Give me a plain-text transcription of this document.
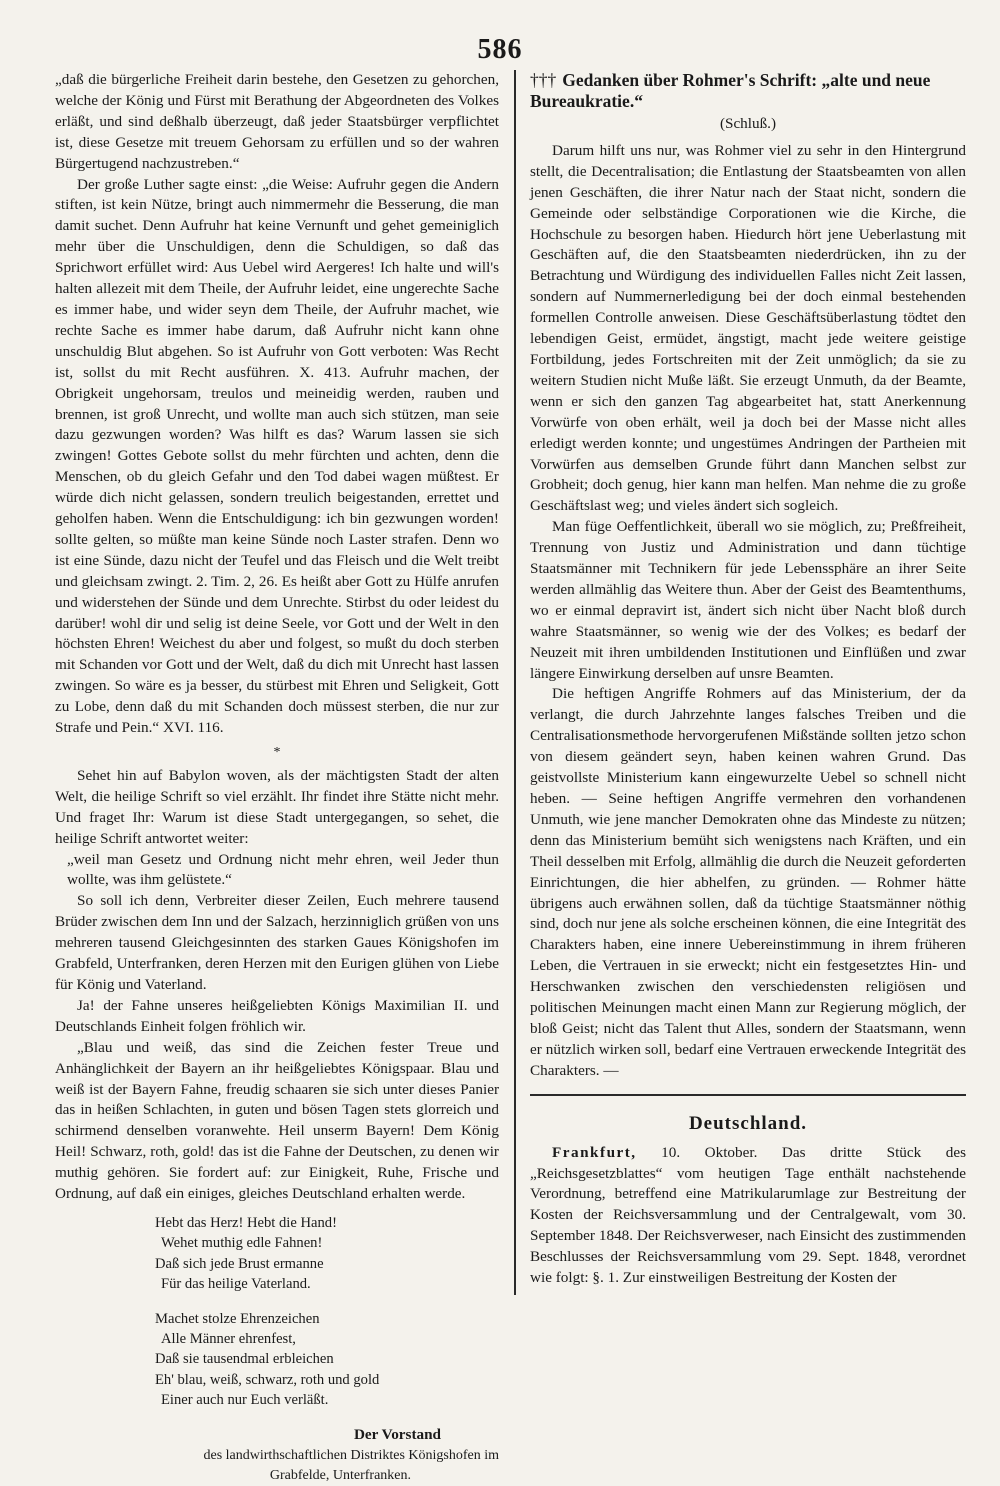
586

„daß die bürgerliche Freiheit darin bestehe, den Gesetzen zu gehorchen, welche der König und Fürst mit Berathung der Abgeordneten des Volkes erläßt, und sind deßhalb überzeugt, daß jeder Staatsbürger verpflichtet ist, diese Gesetze mit treuem Gehorsam zu erfüllen und so der wahren Bürgertugend nachzustreben.“

Der große Luther sagte einst: „die Weise: Aufruhr gegen die Andern stiften, ist kein Nütze, bringt auch nimmermehr die Besserung, die man damit suchet. Denn Aufruhr hat keine Vernunft und gehet gemeiniglich mehr über die Unschuldigen, denn die Schuldigen, so daß das Sprichwort erfüllet wird: Aus Uebel wird Aergeres! Ich halte und will's halten allezeit mit dem Theile, der Aufruhr leidet, eine ungerechte Sache es immer habe, und wider seyn dem Theile, der Aufruhr machet, wie rechte Sache es immer habe darum, daß Aufruhr nicht kann ohne unschuldig Blut abgehen. So ist Aufruhr von Gott verboten: Was Recht ist, sollst du mit Recht ausführen. X. 413. Aufruhr machen, der Obrigkeit ungehorsam, treulos und meineidig werden, rauben und brennen, ist groß Unrecht, und wollte man auch sich stützen, man seie dazu gezwungen worden? Was hilft es das? Warum lassen sie sich zwingen! Gottes Gebote sollst du mehr fürchten und achten, denn die Menschen, ob du gleich Gefahr und den Tod dabei wagen müßtest. Er würde dich nicht gelassen, sondern treulich beigestanden, errettet und geholfen haben. Wenn die Entschuldigung: ich bin gezwungen worden! sollte gelten, so müßte man keine Sünde noch Laster strafen. Denn wo ist eine Sünde, dazu nicht der Teufel und das Fleisch und die Welt treibt und gleichsam zwingt. 2. Tim. 2, 26. Es heißt aber Gott zu Hülfe anrufen und widerstehen der Sünde und dem Unrechte. Stirbst du oder leidest du darüber! wohl dir und selig ist deine Seele, vor Gott und der Welt in den höchsten Ehren! Weichest du aber und folgest, so mußt du doch sterben mit Schanden vor Gott und der Welt, daß du dich mit Unrecht hast lassen zwingen. So wäre es ja besser, du stürbest mit Ehren und Seligkeit, Gott zu Lobe, denn daß du mit Schanden doch müssest sterben, die nur zur Strafe und Pein.“ XVI. 116.

*

Sehet hin auf Babylon woven, als der mächtigsten Stadt der alten Welt, die heilige Schrift so viel erzählt. Ihr findet ihre Stätte nicht mehr. Und fraget Ihr: Warum ist diese Stadt untergegangen, so sehet, die heilige Schrift antwortet weiter:

„weil man Gesetz und Ordnung nicht mehr ehren, weil Jeder thun wollte, was ihm gelüstete.“

So soll ich denn, Verbreiter dieser Zeilen, Euch mehrere tausend Brüder zwischen dem Inn und der Salzach, herzinniglich grüßen von uns mehreren tausend Gleichgesinnten des starken Gaues Königshofen im Grabfeld, Unterfranken, deren Herzen mit den Eurigen glühen von Liebe für König und Vaterland.

Ja! der Fahne unseres heißgeliebten Königs Maximilian II. und Deutschlands Einheit folgen fröhlich wir.

„Blau und weiß, das sind die Zeichen fester Treue und Anhänglichkeit der Bayern an ihr heißgeliebtes Königspaar. Blau und weiß ist der Bayern Fahne, freudig schaaren sie sich unter dieses Panier das in heißen Schlachten, in guten und bösen Tagen stets glorreich und schirmend denselben voranwehte. Heil unserm Bayern! Dem König Heil! Schwarz, roth, gold! das ist die Fahne der Deutschen, zu denen wir muthig gehören. Sie fordert auf: zur Einigkeit, Ruhe, Frische und Ordnung, auf daß ein einiges, gleiches Deutschland erhalten werde.

Hebt das Herz! Hebt die Hand!
Wehet muthig edle Fahnen!
Daß sich jede Brust ermanne
Für das heilige Vaterland.
Machet stolze Ehrenzeichen
Alle Männer ehrenfest,
Daß sie tausendmal erbleichen
Eh' blau, weiß, schwarz, roth und gold
Einer auch nur Euch verläßt.
Der Vorstand
des landwirthschaftlichen Distriktes Königshofen im
Grabfelde, Unterfranken.
††† Gedanken über Rohmer's Schrift: „alte und neue Bureaukratie.“
(Schluß.)

Darum hilft uns nur, was Rohmer viel zu sehr in den Hintergrund stellt, die Decentralisation; die Entlastung der Staatsbeamten von allen jenen Geschäften, die ihrer Natur nach der Staat nicht, sondern die Gemeinde oder selbständige Corporationen wie die Kirche, die Hochschule zu besorgen haben. Hiedurch hört jene Ueberlastung mit Geschäften auf, die den Staatsbeamten niederdrücken, ihn zu der Betrachtung und Würdigung des individuellen Falles nicht Zeit lassen, sondern auf Nummernerledigung bei der doch einmal bestehenden formellen Controlle anweisen. Diese Geschäftsüberlastung tödtet den lebendigen Geist, ermüdet, ängstigt, macht jede weitere geistige Fortbildung, jedes Fortschreiten mit der Zeit unmöglich; da sie zu weitern Studien nicht Muße läßt. Sie erzeugt Unmuth, da der Beamte, wenn er sich den ganzen Tag abgearbeitet hat, statt Anerkennung Vorwürfe von oben erhält, weil ja doch bei der Masse nicht alles erledigt werden konnte; und ungestümes Andringen der Partheien mit Vorwürfen aus demselben Grunde führt dann Manchen selbst zur Grobheit; doch genug, hier kann man helfen. Man nehme die zu große Geschäftslast weg; und vieles ändert sich sogleich.

Man füge Oeffentlichkeit, überall wo sie möglich, zu; Preßfreiheit, Trennung von Justiz und Administration und dann tüchtige Staatsmänner mit Technikern für jede Lebenssphäre an ihrer Seite werden allmählig das Weitere thun. Aber der Geist des Beamtenthums, wo er einmal depravirt ist, ändert sich nicht über Nacht bloß durch wahre Staatsmänner, so wenig wie der des Volkes; es bedarf der Neuzeit mit ihren umbildenden Institutionen und Einflüßen und zwar längere Einwirkung derselben auf unsre Beamten.

Die heftigen Angriffe Rohmers auf das Ministerium, der da verlangt, die durch Jahrzehnte langes falsches Treiben und die Centralisationsmethode hervorgerufenen Mißstände sollten jetzo schon von diesem geändert seyn, haben keinen wahren Grund. Das geistvollste Ministerium kann eingewurzelte Uebel so schnell nicht heben. — Seine heftigen Angriffe vermehren den vorhandenen Unmuth, wie jene mancher Demokraten ohne das Mindeste zu nützen; denn das Ministerium bemüht sich wenigstens nach Kräften, und ein Theil desselben mit Erfolg, allmählig die durch die Neuzeit geforderten Einrichtungen, die hier abhelfen, zu gründen. — Rohmer hätte übrigens auch erwähnen sollen, daß da tüchtige Staatsmänner nöthig sind, doch nur jene als solche erscheinen können, die eine Integrität des Charakters haben, eine innere Uebereinstimmung in ihrem früheren Leben, die Vertrauen in sie erweckt; nicht ein festgesetztes Hin- und Herschwanken zwischen den verschiedensten religiösen und politischen Meinungen macht einen Mann zur Regierung möglich, der bloß Geist; nicht das Talent thut Alles, sondern der Staatsmann, wenn er nützlich wirken soll, bedarf eine Vertrauen erweckende Integrität des Charakters. —

Deutschland.

Frankfurt, 10. Oktober. Das dritte Stück des „Reichsgesetzblattes“ vom heutigen Tage enthält nachstehende Verordnung, betreffend eine Matrikularumlage zur Bestreitung der Kosten der Reichsversammlung und der Centralgewalt, vom 30. September 1848. Der Reichsverweser, nach Einsicht des zustimmenden Beschlusses der Reichsversammlung vom 29. Sept. 1848, verordnet wie folgt: §. 1. Zur einstweiligen Bestreitung der Kosten der
